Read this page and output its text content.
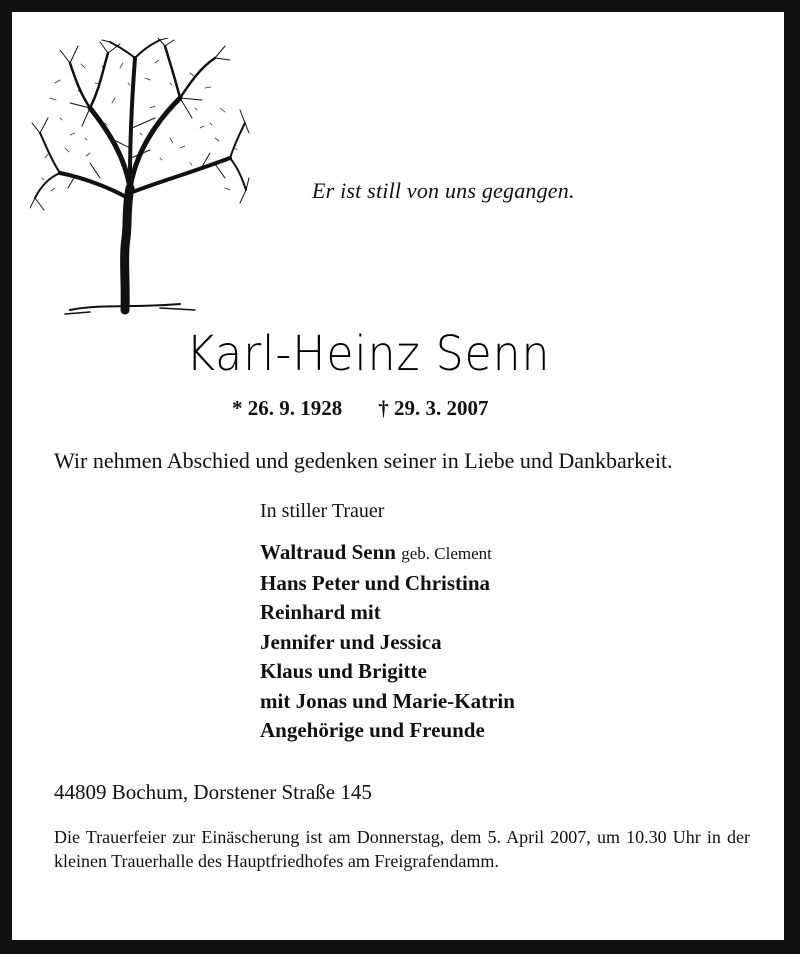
Er ist still von uns gegangen.
Karl-Heinz Senn
* 26. 9. 1928 † 29. 3. 2007
Wir nehmen Abschied und gedenken seiner in Liebe und Dankbarkeit.
In stiller Trauer
Waltraud Senn geb. Clement
Hans Peter und Christina
Reinhard mit
Jennifer und Jessica
Klaus und Brigitte
mit Jonas und Marie-Katrin
Angehörige und Freunde
44809 Bochum, Dorstener Straße 145
Die Trauerfeier zur Einäscherung ist am Donnerstag, dem 5. April 2007, um 10.30 Uhr in der kleinen Trauerhalle des Hauptfriedhofes am Freigrafendamm.
